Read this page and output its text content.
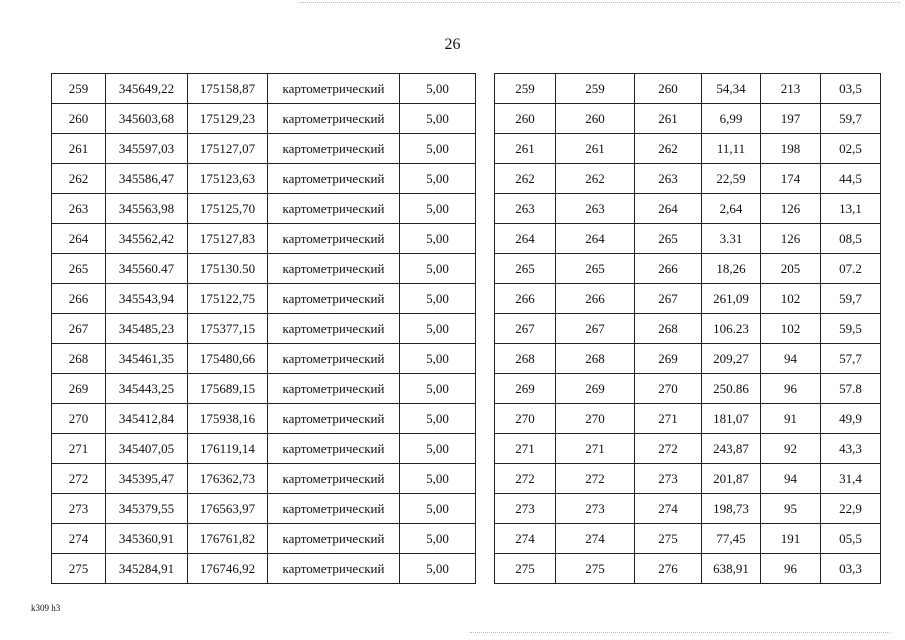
26
259	345649,22	175158,87	картометрический	5,00
260	345603,68	175129,23	картометрический	5,00
261	345597,03	175127,07	картометрический	5,00
262	345586,47	175123,63	картометрический	5,00
263	345563,98	175125,70	картометрический	5,00
264	345562,42	175127,83	картометрический	5,00
265	345560.47	175130.50	картометрический	5,00
266	345543,94	175122,75	картометрический	5,00
267	345485,23	175377,15	картометрический	5,00
268	345461,35	175480,66	картометрический	5,00
269	345443,25	175689,15	картометрический	5,00
270	345412,84	175938,16	картометрический	5,00
271	345407,05	176119,14	картометрический	5,00
272	345395,47	176362,73	картометрический	5,00
273	345379,55	176563,97	картометрический	5,00
274	345360,91	176761,82	картометрический	5,00
275	345284,91	176746,92	картометрический	5,00
259	259	260	54,34	213	03,5
260	260	261	6,99	197	59,7
261	261	262	11,11	198	02,5
262	262	263	22,59	174	44,5
263	263	264	2,64	126	13,1
264	264	265	3.31	126	08,5
265	265	266	18,26	205	07.2
266	266	267	261,09	102	59,7
267	267	268	106.23	102	59,5
268	268	269	209,27	94	57,7
269	269	270	250.86	96	57.8
270	270	271	181,07	91	49,9
271	271	272	243,87	92	43,3
272	272	273	201,87	94	31,4
273	273	274	198,73	95	22,9
274	274	275	77,45	191	05,5
275	275	276	638,91	96	03,3
k309 h3
